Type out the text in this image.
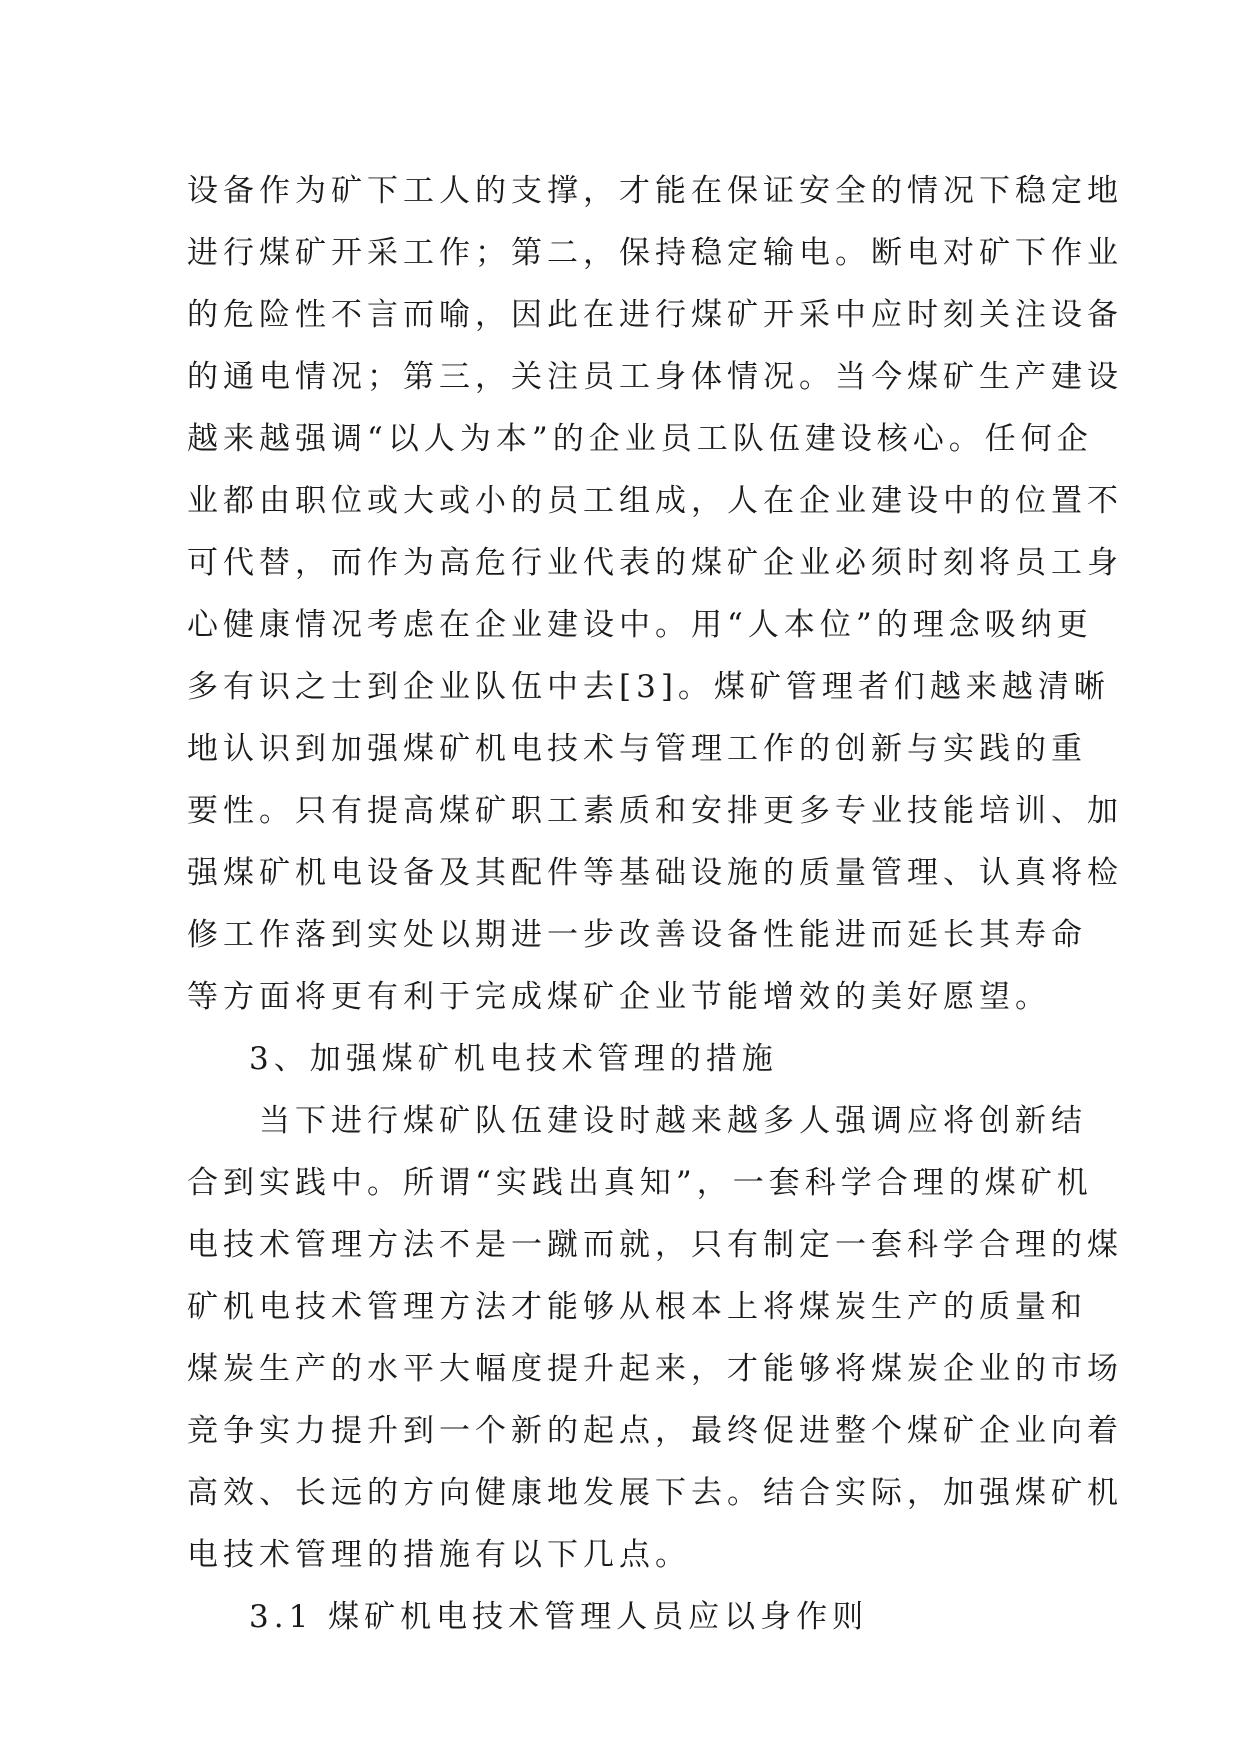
设备作为矿下工人的支撑，才能在保证安全的情况下稳定地
进行煤矿开采工作；第二，保持稳定输电。断电对矿下作业
的危险性不言而喻，因此在进行煤矿开采中应时刻关注设备
的通电情况；第三，关注员工身体情况。当今煤矿生产建设
越来越强调“以人为本”的企业员工队伍建设核心。任何企
业都由职位或大或小的员工组成，人在企业建设中的位置不
可代替，而作为高危行业代表的煤矿企业必须时刻将员工身
心健康情况考虑在企业建设中。用“人本位”的理念吸纳更
多有识之士到企业队伍中去[3]。煤矿管理者们越来越清晰
地认识到加强煤矿机电技术与管理工作的创新与实践的重
要性。只有提高煤矿职工素质和安排更多专业技能培训、加
强煤矿机电设备及其配件等基础设施的质量管理、认真将检
修工作落到实处以期进一步改善设备性能进而延长其寿命
等方面将更有利于完成煤矿企业节能增效的美好愿望。
3、加强煤矿机电技术管理的措施
当下进行煤矿队伍建设时越来越多人强调应将创新结
合到实践中。所谓“实践出真知”，一套科学合理的煤矿机
电技术管理方法不是一蹴而就，只有制定一套科学合理的煤
矿机电技术管理方法才能够从根本上将煤炭生产的质量和
煤炭生产的水平大幅度提升起来，才能够将煤炭企业的市场
竞争实力提升到一个新的起点，最终促进整个煤矿企业向着
高效、长远的方向健康地发展下去。结合实际，加强煤矿机
电技术管理的措施有以下几点。
3.1 煤矿机电技术管理人员应以身作则
